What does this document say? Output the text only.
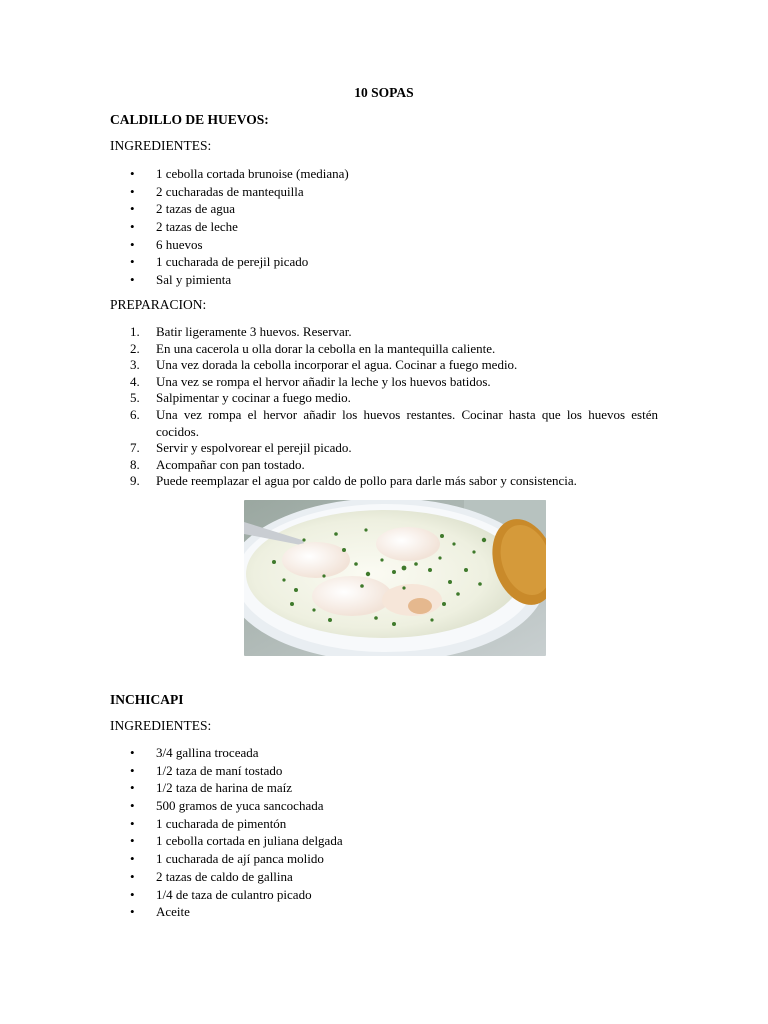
10 SOPAS
CALDILLO DE HUEVOS:
INGREDIENTES:
• 1 cebolla cortada brunoise (mediana)
• 2 cucharadas de mantequilla
• 2 tazas de agua
• 2 tazas de leche
• 6 huevos
• 1 cucharada de perejil picado
• Sal y pimienta
PREPARACION:
1. Batir ligeramente 3 huevos. Reservar.
2. En una cacerola u olla dorar la cebolla en la mantequilla caliente.
3. Una vez dorada la cebolla incorporar el agua. Cocinar a fuego medio.
4. Una vez se rompa el hervor añadir la leche y los huevos batidos.
5. Salpimentar y cocinar a fuego medio.
6. Una vez rompa el hervor añadir los huevos restantes. Cocinar hasta que los huevos estén cocidos.
7. Servir y espolvorear el perejil picado.
8. Acompañar con pan tostado.
9. Puede reemplazar el agua por caldo de pollo para darle más sabor y consistencia.
INCHICAPI
INGREDIENTES:
• 3/4 gallina troceada
• 1/2 taza de maní tostado
• 1/2 taza de harina de maíz
• 500 gramos de yuca sancochada
• 1 cucharada de pimentón
• 1 cebolla cortada en juliana delgada
• 1 cucharada de ají panca molido
• 2 tazas de caldo de gallina
• 1/4 de taza de culantro picado
• Aceite
